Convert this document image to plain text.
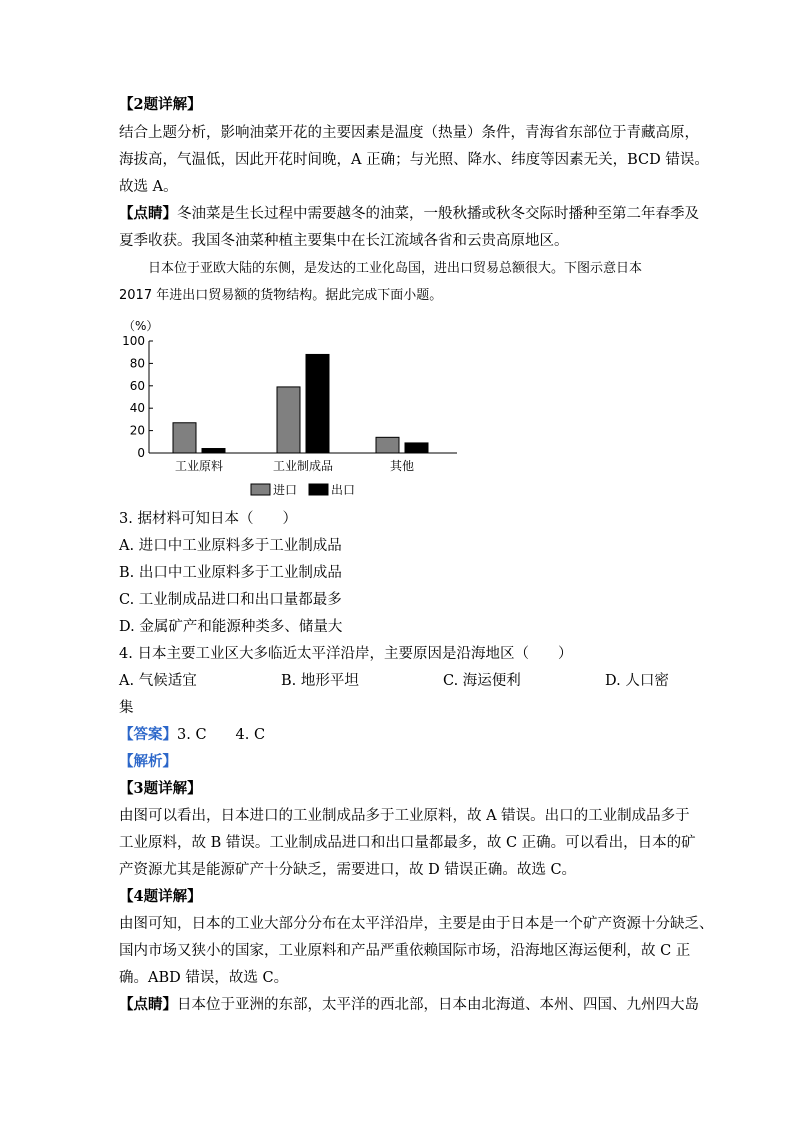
【2题详解】
结合上题分析，影响油菜开花的主要因素是温度（热量）条件，青海省东部位于青藏高原，
海拔高，气温低，因此开花时间晚，A 正确；与光照、降水、纬度等因素无关，BCD 错误。
故选 A。
【点睛】冬油菜是生长过程中需要越冬的油菜，一般秋播或秋冬交际时播种至第二年春季及
夏季收获。我国冬油菜种植主要集中在长江流域各省和云贵高原地区。
日本位于亚欧大陆的东侧，是发达的工业化岛国，进出口贸易总额很大。下图示意日本
2017 年进出口贸易额的货物结构。据此完成下面小题。
（%）
0
20
40
60
80
100
工业原料	工业制成品	其他
进口	出口
3. 据材料可知日本（　　）
A. 进口中工业原料多于工业制成品
B. 出口中工业原料多于工业制成品
C. 工业制成品进口和出口量都最多
D. 金属矿产和能源种类多、储量大
4. 日本主要工业区大多临近太平洋沿岸，主要原因是沿海地区（　　）
A. 气候适宜	B. 地形平坦	C. 海运便利	D. 人口密
集
【答案】3. C　　4. C
【解析】
【3题详解】
由图可以看出，日本进口的工业制成品多于工业原料，故 A 错误。出口的工业制成品多于
工业原料，故 B 错误。工业制成品进口和出口量都最多，故 C 正确。可以看出，日本的矿
产资源尤其是能源矿产十分缺乏，需要进口，故 D 错误正确。故选 C。
【4题详解】
由图可知，日本的工业大部分分布在太平洋沿岸，主要是由于日本是一个矿产资源十分缺乏、
国内市场又狭小的国家，工业原料和产品严重依赖国际市场，沿海地区海运便利，故 C 正
确。ABD 错误，故选 C。
【点睛】日本位于亚洲的东部，太平洋的西北部，日本由北海道、本州、四国、九州四大岛
